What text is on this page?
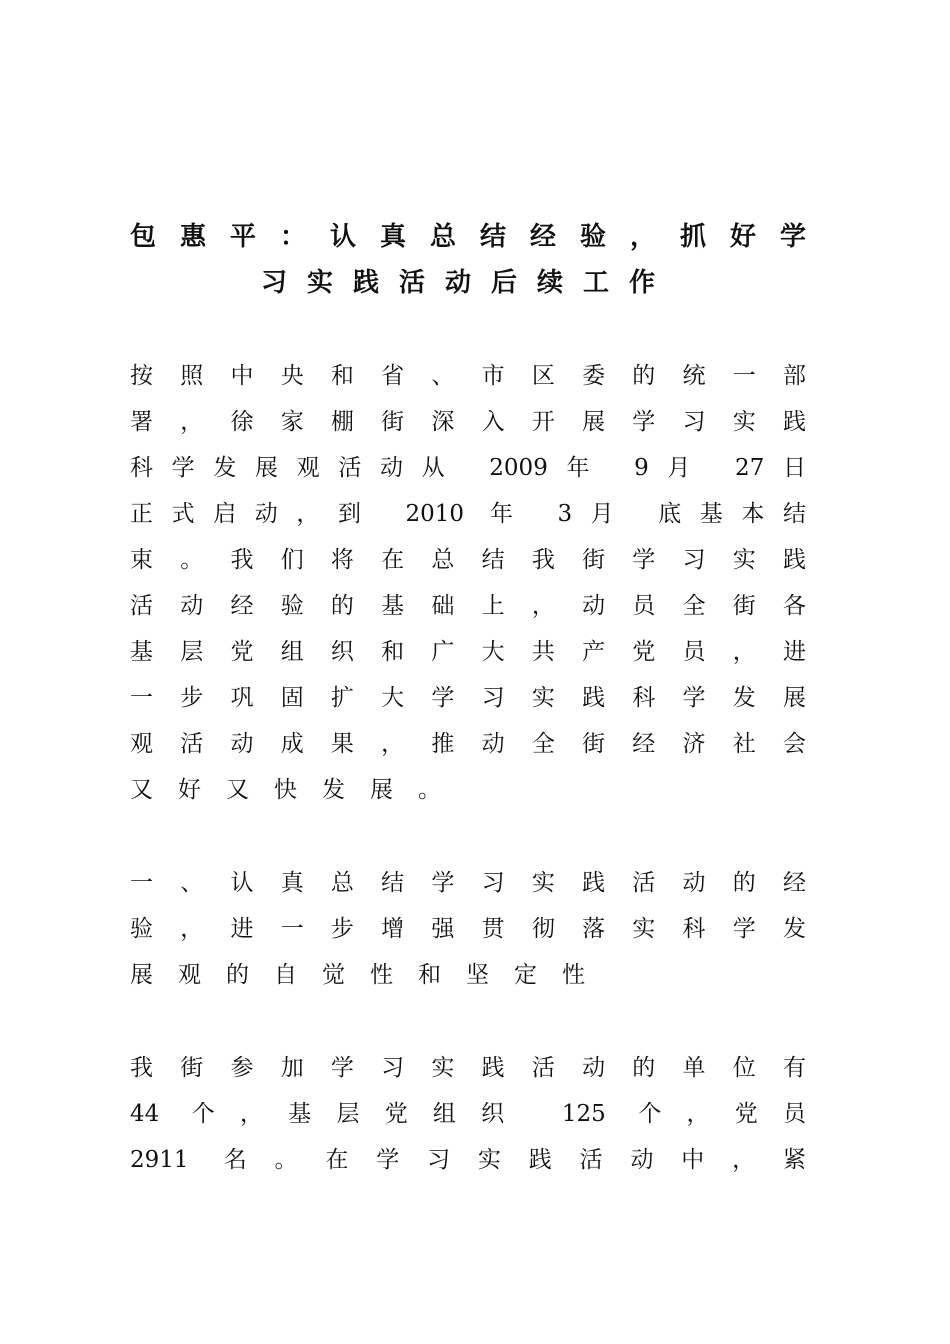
包惠平：认真总结经验，抓好学
习实践活动后续工作
按照中央和省、市区委的统一部
署，徐家棚街深入开展学习实践
科学发展观活动从 2009年 9月 27日
正式启动，到 2010 年 3月 底基本结
束。我们将在总结我街学习实践
活动经验的基础上，动员全街各
基层党组织和广大共产党员，进
一步巩固扩大学习实践科学发展
观活动成果，推动全街经济社会
又好又快发展。
一、认真总结学习实践活动的经
验，进一步增强贯彻落实科学发
展观的自觉性和坚定性
我街参加学习实践活动的单位有
44 个，基层党组织 125 个，党员
2911 名。在学习实践活动中，紧
